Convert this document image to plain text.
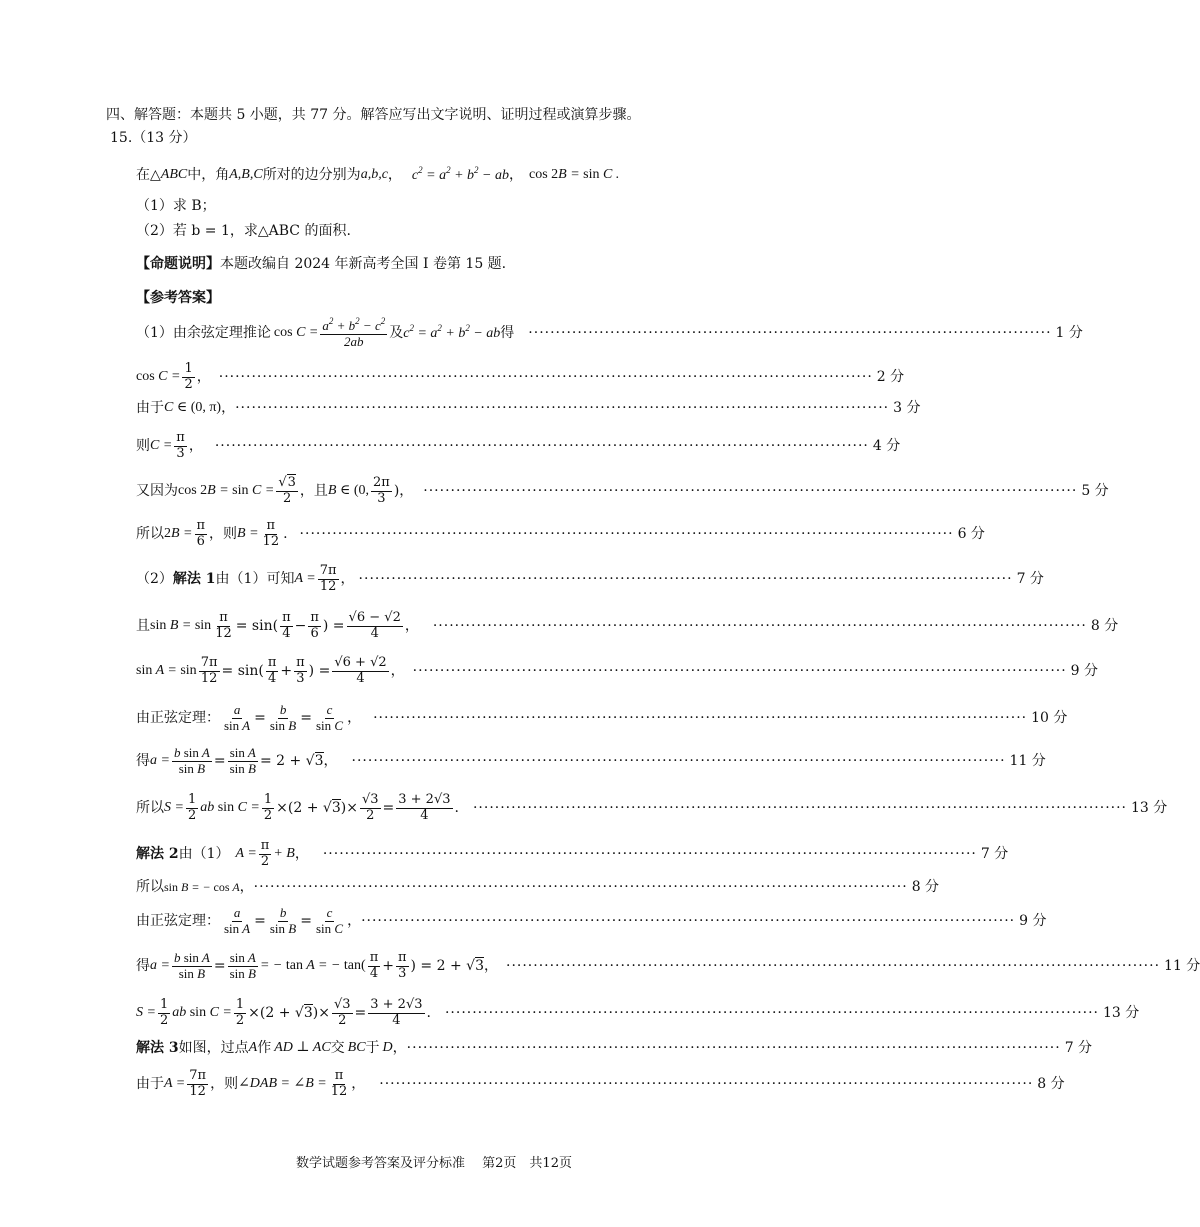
四、解答题：本题共 5 小题，共 77 分。解答应写出文字说明、证明过程或演算步骤。
15.（13 分）
在△ ABC 中，角 A,B,C 所对的边分别为 a,b,c ， $c^2 = a^2 + b^2$ − ab ， cos 2B = sin C .
（1）求 B；
（2）若 b = 1，求△ABC 的面积.
【命题说明】本题改编自 2024 年新高考全国 I 卷第 15 题.
【参考答案】
（1）由余弦定理推论 $\cos C = \frac{a^2 + b^2 - c^2}{2ab}$ 及 $c^2 = a^2 + b^2$ − ab 得 ································································································ 1 分
$\cos C = \frac{1}{2}$ ， ························································································································ 2 分
由于 C ∈ (0, π) ， ························································································································ 3 分
则 $C = \frac{\pi}{3}$ ， ························································································································ 4 分
又因为 $\cos 2B = \sin C = \frac{√3}{2}$ ，且 B ∈ (0, $\frac{2\pi}{3}$ )， ························································································································ 5 分
所以 $2B = \frac{\pi}{6}$ ，则 $B = \frac{\pi}{12}$ . ························································································································ 6 分
（2） 解法 1 由（1）可知 $A = \frac{7\pi}{12}$ ， ························································································································ 7 分
且 $\sin B = \sin \frac{\pi}{12} = \sin( \frac{\pi}{4} - \frac{\pi}{6}$ ) = $\frac{√6 - √2}{4}$ ， ························································································································ 8 分
$\sin A = \sin \frac{7\pi}{12} = \sin( \frac{\pi}{4} + \frac{\pi}{3}$ ) = $\frac{√6 + √2}{4}$ ， ························································································································ 9 分
由正弦定理： $\frac{a}{\text{sin A}} = \frac{b}{\text{sin B}} = \frac{c}{\text{sin C}}$ ， ························································································································ 10 分
得 $a = \frac{\text{b sin A}}{\text{sin B}} = \frac{\text{sin A}}{\text{sin B}} = 2 + √3$， ························································································································ 11 分
所以 $S = \frac{1}{2}$ ab $\sin C = \frac{1}{2} \times(2 + √3)\times \frac{√3}{2} = \frac{3 + 2√3}{4}$ . ························································································································ 13 分
解法 2 由（1） $A = \frac{\pi}{2} + B$ ， ························································································································ 7 分
所以 sin B = − cos A ， ························································································································ 8 分
由正弦定理： $\frac{a}{\text{sin A}} = \frac{b}{\text{sin B}} = \frac{c}{\text{sin C}}$ ， ························································································································ 9 分
得 $a = \frac{\text{b sin A}}{\text{sin B}} = \frac{\text{sin A}}{\text{sin B}}$ = − tan A = − $\tan( \frac{\pi}{4} + \frac{\pi}{3}$ ) = 2 + √3， ························································································································ 11 分
$S = \frac{1}{2}$ ab $\sin C = \frac{1}{2} \times(2 + √3)\times \frac{√3}{2} = \frac{3 + 2√3}{4}$ . ························································································································ 13 分
解法 3 如图，过点 A 作 AD ⊥ AC 交 BC 于 D ， ························································································································ 7 分
由于 $A = \frac{7\pi}{12}$ ，则 ∠DAB = ∠B = $\frac{\pi}{12}$ ， ························································································································ 8 分
数学试题参考答案及评分标准　 第2页　共12页
